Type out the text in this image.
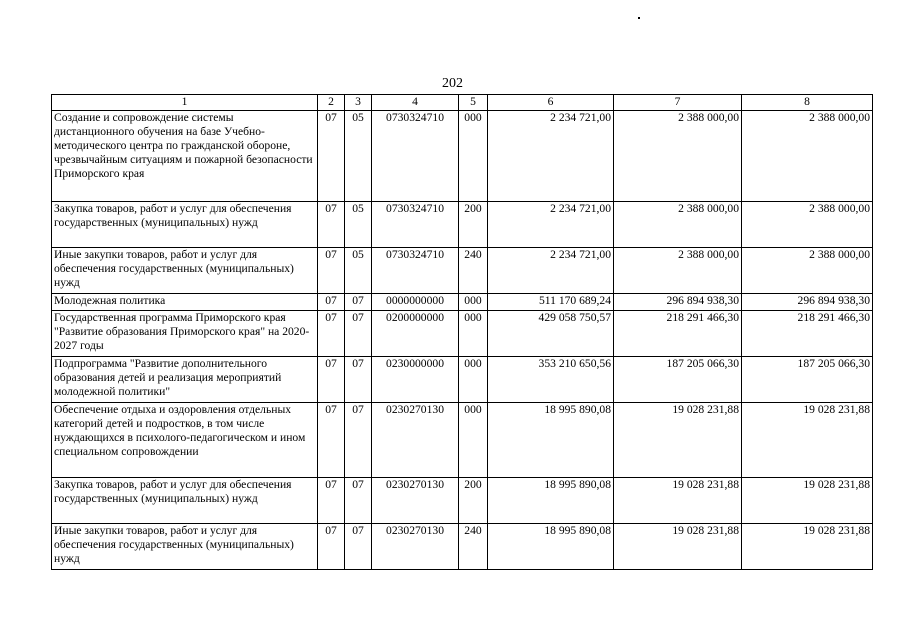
202
1	2	3	4	5	6	7	8
Создание и сопровождение системы дистанционного обучения на базе Учебно-методического центра по гражданской обороне, чрезвычайным ситуациям и пожарной безопасности Приморского края	07	05	0730324710	000	2 234 721,00	2 388 000,00	2 388 000,00
Закупка товаров, работ и услуг для обеспечения государственных (муниципальных) нужд	07	05	0730324710	200	2 234 721,00	2 388 000,00	2 388 000,00
Иные закупки товаров, работ и услуг для обеспечения государственных (муниципальных) нужд	07	05	0730324710	240	2 234 721,00	2 388 000,00	2 388 000,00
Молодежная политика	07	07	0000000000	000	511 170 689,24	296 894 938,30	296 894 938,30
Государственная программа Приморского края "Развитие образования Приморского края" на 2020-2027 годы	07	07	0200000000	000	429 058 750,57	218 291 466,30	218 291 466,30
Подпрограмма "Развитие дополнительного образования детей и реализация мероприятий молодежной политики"	07	07	0230000000	000	353 210 650,56	187 205 066,30	187 205 066,30
Обеспечение отдыха и оздоровления отдельных категорий детей и подростков, в том числе нуждающихся в психолого-педагогическом и ином специальном сопровождении	07	07	0230270130	000	18 995 890,08	19 028 231,88	19 028 231,88
Закупка товаров, работ и услуг для обеспечения государственных (муниципальных) нужд	07	07	0230270130	200	18 995 890,08	19 028 231,88	19 028 231,88
Иные закупки товаров, работ и услуг для обеспечения государственных (муниципальных) нужд	07	07	0230270130	240	18 995 890,08	19 028 231,88	19 028 231,88
